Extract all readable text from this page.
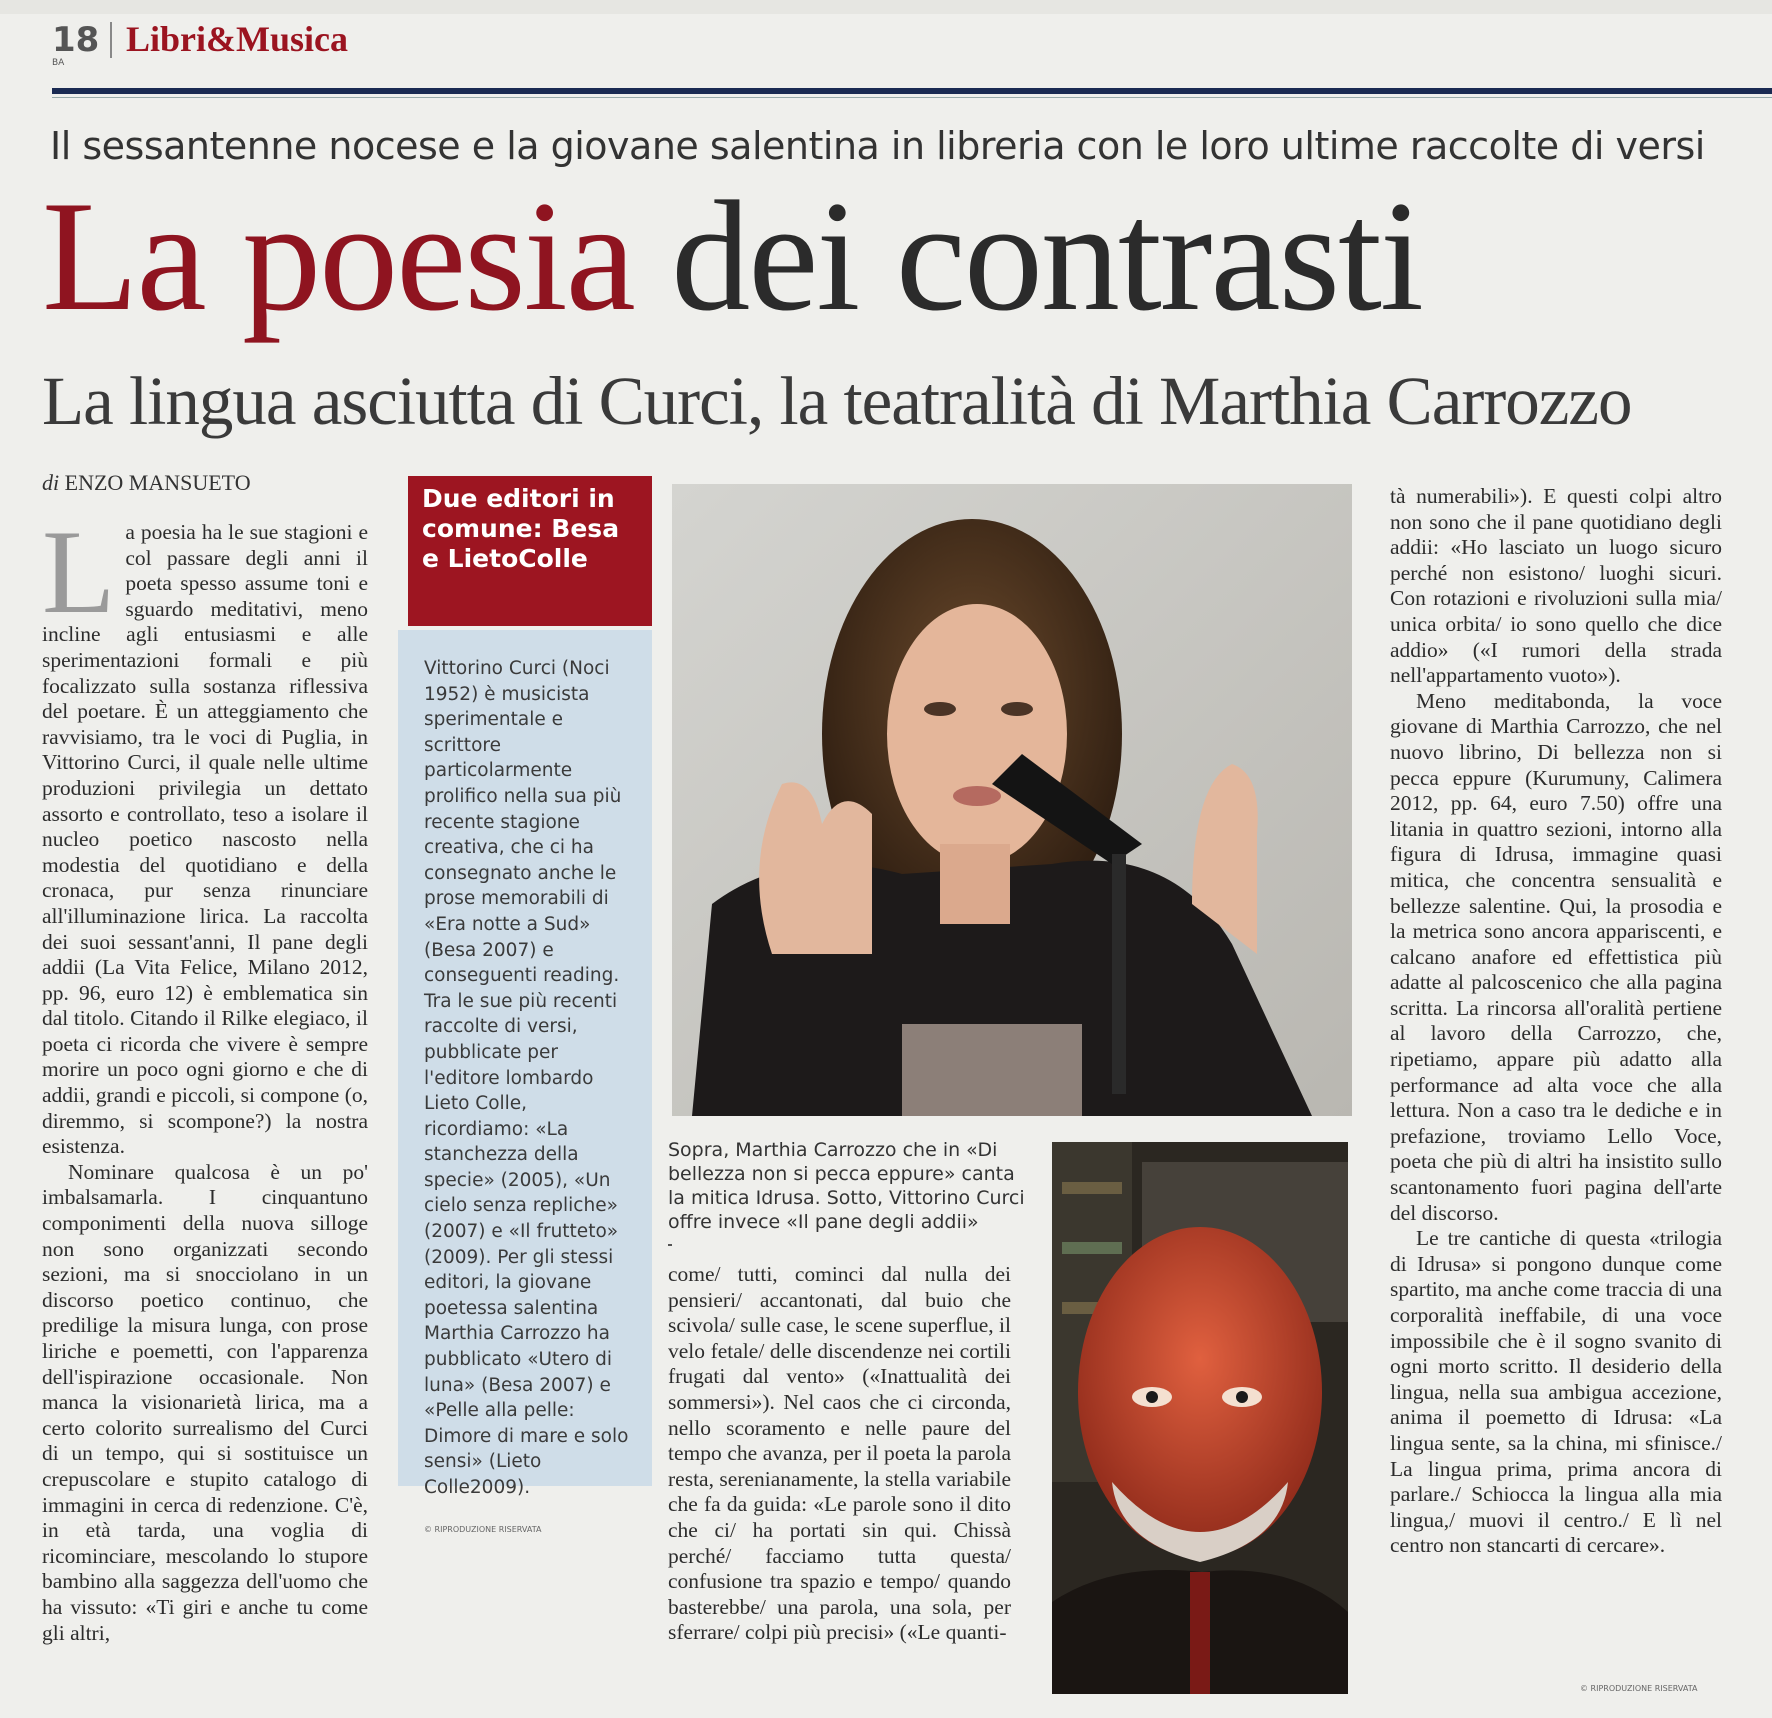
18
BA
Libri&Musica
Il sessantenne nocese e la giovane salentina in libreria con le loro ultime raccolte di versi
La poesia dei contrasti
La lingua asciutta di Curci, la teatralità di Marthia Carrozzo
di ENZO MANSUETO
L a poesia ha le sue stagioni e col passare degli anni il poeta spesso assume toni e sguardo meditativi, meno incline agli entusiasmi e alle sperimentazioni formali e più focalizzato sulla sostanza riflessiva del poetare. È un atteggiamento che ravvisiamo, tra le voci di Puglia, in Vittorino Curci, il quale nelle ultime produzioni privilegia un dettato assorto e controllato, teso a isolare il nucleo poetico nascosto nella modestia del quotidiano e della cronaca, pur senza rinunciare all'illuminazione lirica. La raccolta dei suoi sessant'anni, Il pane degli addii (La Vita Felice, Milano 2012, pp. 96, euro 12) è emblematica sin dal titolo. Citando il Rilke elegiaco, il poeta ci ricorda che vivere è sempre morire un poco ogni giorno e che di addii, grandi e piccoli, si compone (o, diremmo, si scompone?) la nostra esistenza.

Nominare qualcosa è un po' imbalsamarla. I cinquantuno componimenti della nuova silloge non sono organizzati secondo sezioni, ma si snocciolano in un discorso poetico continuo, che predilige la misura lunga, con prose liriche e poemetti, con l'apparenza dell'ispirazione occasionale. Non manca la visionarietà lirica, ma a certo colorito surrealismo del Curci di un tempo, qui si sostituisce un crepuscolare e stupito catalogo di immagini in cerca di redenzione. C'è, in età tarda, una voglia di ricominciare, mescolando lo stupore bambino alla saggezza dell'uomo che ha vissuto: «Ti giri e anche tu come gli altri,

Due editori in comune: Besa e LietoColle
Vittorino Curci (Noci 1952) è musicista sperimentale e scrittore particolarmente prolifico nella sua più recente stagione creativa, che ci ha consegnato anche le prose memorabili di «Era notte a Sud» (Besa 2007) e conseguenti reading. Tra le sue più recenti raccolte di versi, pubblicate per l'editore lombardo Lieto Colle, ricordiamo: «La stanchezza della specie» (2005), «Un cielo senza repliche» (2007) e «Il frutteto» (2009). Per gli stessi editori, la giovane poetessa salentina Marthia Carrozzo ha pubblicato «Utero di luna» (Besa 2007) e «Pelle alla pelle: Dimore di mare e solo sensi» (Lieto Colle2009).
© RIPRODUZIONE RISERVATA
Sopra, Marthia Carrozzo che in «Di bellezza non si pecca eppure» canta la mitica Idrusa. Sotto, Vittorino Curci offre invece «Il pane degli addii»

come/ tutti, cominci dal nulla dei pensieri/ accantonati, dal buio che scivola/ sulle case, le scene superflue, il velo fetale/ delle discendenze nei cortili frugati dal vento» («Inattualità dei sommersi»). Nel caos che ci circonda, nello scoramento e nelle paure del tempo che avanza, per il poeta la parola resta, serenianamente, la stella variabile che fa da guida: «Le parole sono il dito che ci/ ha portati sin qui. Chissà perché/ facciamo tutta questa/ confusione tra spazio e tempo/ quando basterebbe/ una parola, una sola, per sferrare/ colpi più precisi» («Le quanti-

tà numerabili»). E questi colpi altro non sono che il pane quotidiano degli addii: «Ho lasciato un luogo sicuro perché non esistono/ luoghi sicuri. Con rotazioni e rivoluzioni sulla mia/ unica orbita/ io sono quello che dice addio» («I rumori della strada nell'appartamento vuoto»).

Meno meditabonda, la voce giovane di Marthia Carrozzo, che nel nuovo librino, Di bellezza non si pecca eppure (Kurumuny, Calimera 2012, pp. 64, euro 7.50) offre una litania in quattro sezioni, intorno alla figura di Idrusa, immagine quasi mitica, che concentra sensualità e bellezze salentine. Qui, la prosodia e la metrica sono ancora appariscenti, e calcano anafore ed effettistica più adatte al palcoscenico che alla pagina scritta. La rincorsa all'oralità pertiene al lavoro della Carrozzo, che, ripetiamo, appare più adatto alla performance ad alta voce che alla lettura. Non a caso tra le dediche e in prefazione, troviamo Lello Voce, poeta che più di altri ha insistito sullo scantonamento fuori pagina dell'arte del discorso.

Le tre cantiche di questa «trilogia di Idrusa» si pongono dunque come spartito, ma anche come traccia di una corporalità ineffabile, di una voce impossibile che è il sogno svanito di ogni morto scritto. Il desiderio della lingua, nella sua ambigua accezione, anima il poemetto di Idrusa: «La lingua sente, sa la china, mi sfinisce./ La lingua prima, prima ancora di parlare./ Schiocca la lingua alla mia lingua,/ muovi il centro./ E lì nel centro non stancarti di cercare».

© RIPRODUZIONE RISERVATA
